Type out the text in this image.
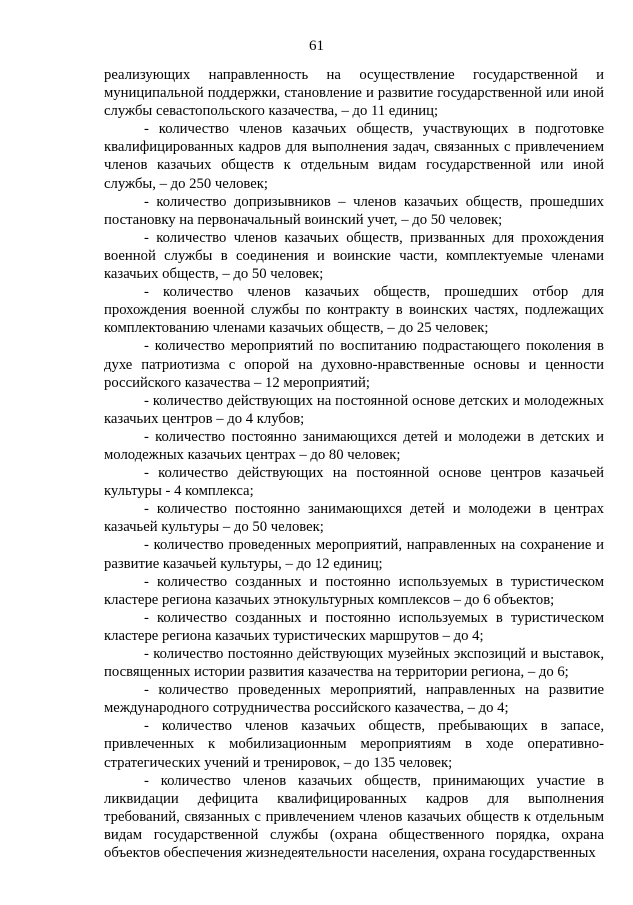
61

реализующих направленность на осуществление государственной и муниципальной поддержки, становление и развитие государственной или иной службы севастопольского казачества, – до 11 единиц;

- количество членов казачьих обществ, участвующих в подготовке квалифицированных кадров для выполнения задач, связанных с привлечением членов казачьих обществ к отдельным видам государственной или иной службы, – до 250 человек;

- количество допризывников – членов казачьих обществ, прошедших постановку на первоначальный воинский учет, – до 50 человек;

- количество членов казачьих обществ, призванных для прохождения военной службы в соединения и воинские части, комплектуемые членами казачьих обществ, – до 50 человек;

- количество членов казачьих обществ, прошедших отбор для прохождения военной службы по контракту в воинских частях, подлежащих комплектованию членами казачьих обществ, – до 25 человек;

- количество мероприятий по воспитанию подрастающего поколения в духе патриотизма с опорой на духовно-нравственные основы и ценности российского казачества – 12 мероприятий;

- количество действующих на постоянной основе детских и молодежных казачьих центров – до 4 клубов;

- количество постоянно занимающихся детей и молодежи в детских и молодежных казачьих центрах – до 80 человек;

- количество действующих на постоянной основе центров казачьей культуры - 4 комплекса;

- количество постоянно занимающихся детей и молодежи в центрах казачьей культуры – до 50 человек;

- количество проведенных мероприятий, направленных на сохранение и развитие казачьей культуры, – до 12 единиц;

- количество созданных и постоянно используемых в туристическом кластере региона казачьих этнокультурных комплексов – до 6 объектов;

- количество созданных и постоянно используемых в туристическом кластере региона казачьих туристических маршрутов – до 4;

- количество постоянно действующих музейных экспозиций и выставок, посвященных истории развития казачества на территории региона, – до 6;

- количество проведенных мероприятий, направленных на развитие международного сотрудничества российского казачества, – до 4;

- количество членов казачьих обществ, пребывающих в запасе, привлеченных к мобилизационным мероприятиям в ходе оперативно-стратегических учений и тренировок, – до 135 человек;

- количество членов казачьих обществ, принимающих участие в ликвидации дефицита квалифицированных кадров для выполнения требований, связанных с привлечением членов казачьих обществ к отдельным видам государственной службы (охрана общественного порядка, охрана объектов обеспечения жизнедеятельности населения, охрана государственных
